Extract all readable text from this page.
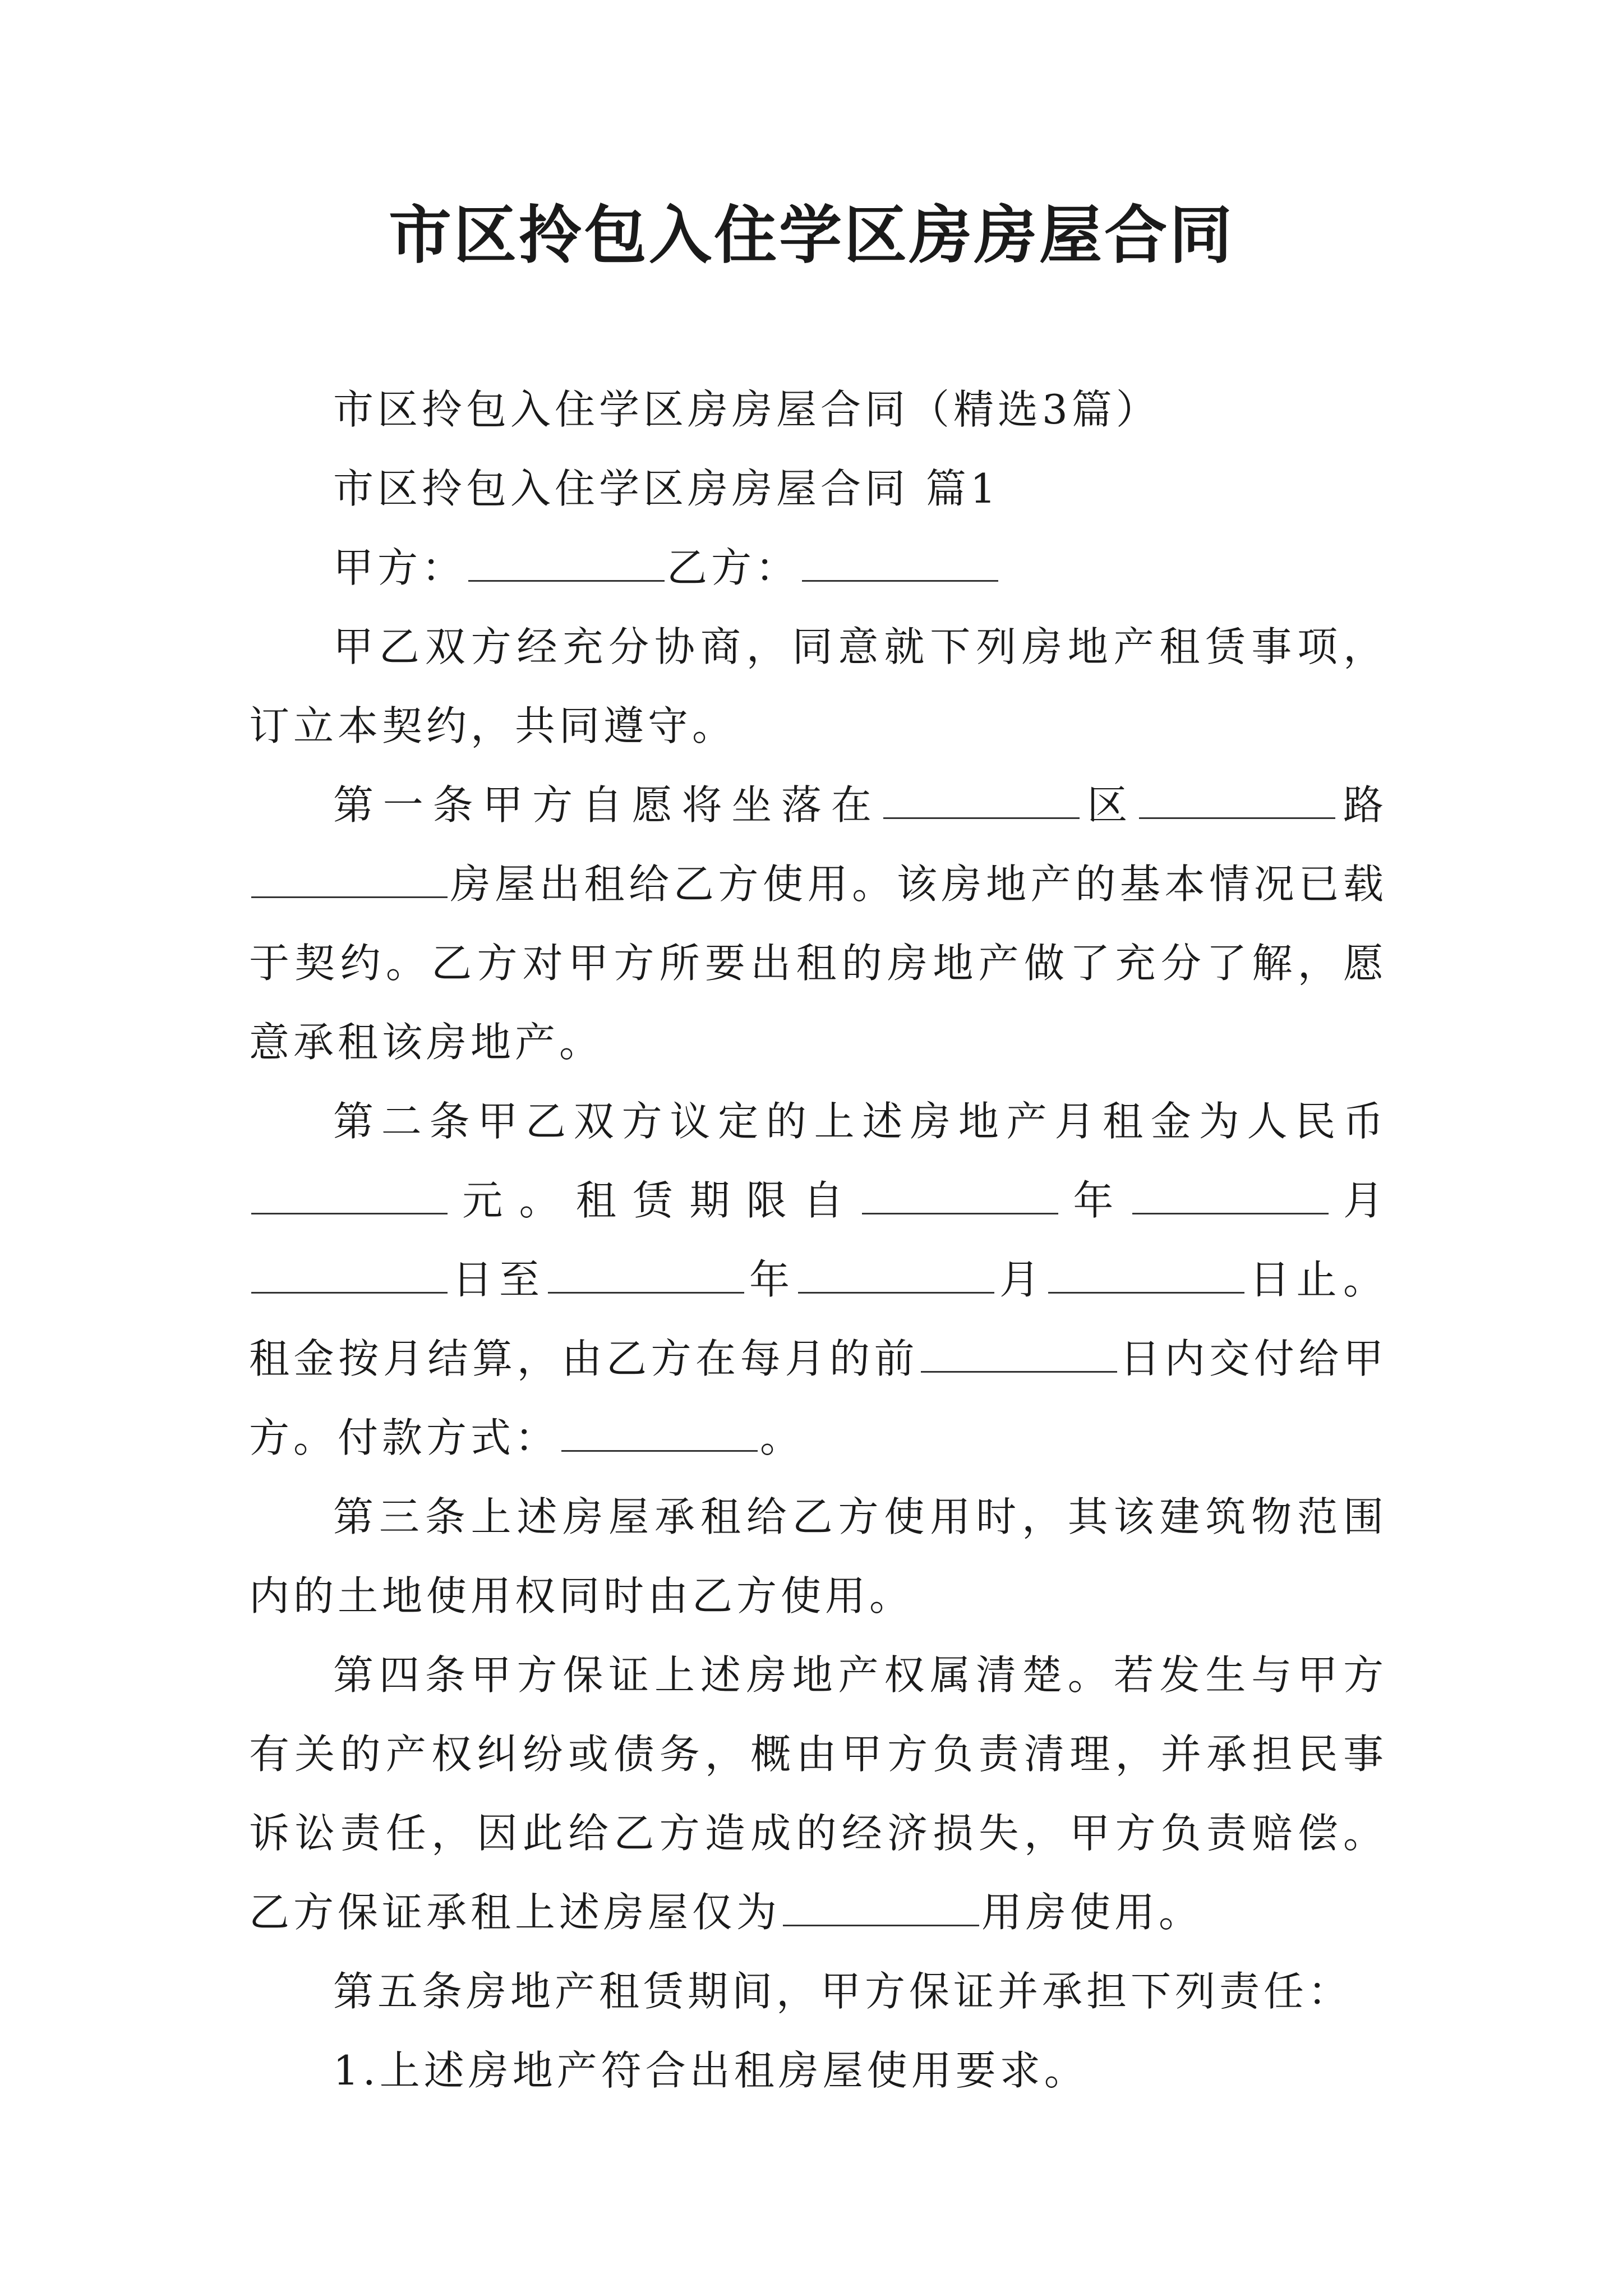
市区拎包入住学区房房屋合同

市区拎包入住学区房房屋合同（精选3篇）

市区拎包入住学区房房屋合同 篇1

甲方：	乙方：

甲乙双方经充分协商，同意就下列房地产租赁事项，订立本契约，共同遵守。

第一条甲方自愿将坐落在	区	路房屋出租给乙方使用。该房地产的基本情况已载于契约。乙方对甲方所要出租的房地产做了充分了解，愿意承租该房地产。

第二条甲乙双方议定的上述房地产月租金为人民币元。租赁期限自	年	月日至	年	月	日止。租金按月结算，由乙方在每月的前	日内交付给甲方。付款方式：	。

第三条上述房屋承租给乙方使用时，其该建筑物范围内的土地使用权同时由乙方使用。

第四条甲方保证上述房地产权属清楚。若发生与甲方有关的产权纠纷或债务，概由甲方负责清理，并承担民事诉讼责任，因此给乙方造成的经济损失，甲方负责赔偿。乙方保证承租上述房屋仅为	用房使用。

第五条房地产租赁期间，甲方保证并承担下列责任：

1.上述房地产符合出租房屋使用要求。
